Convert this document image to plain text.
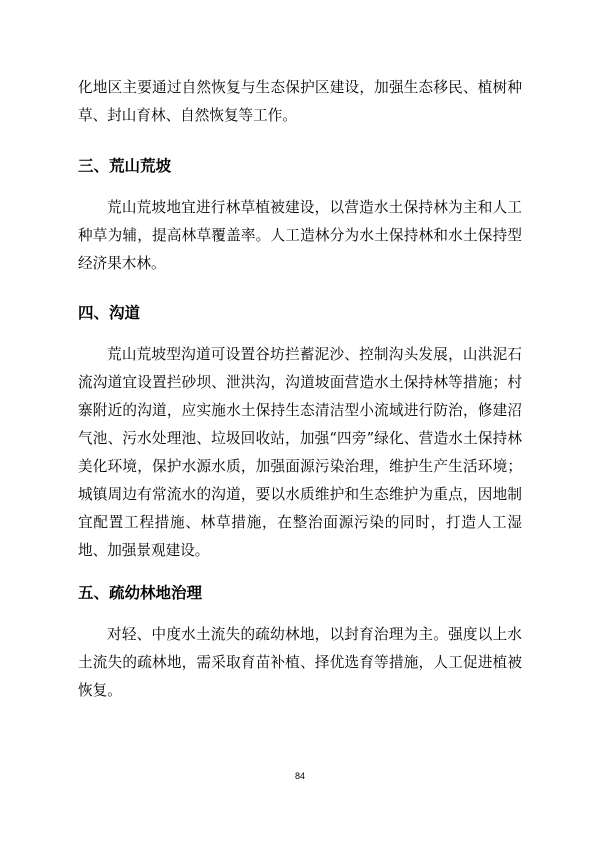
化地区主要通过自然恢复与生态保护区建设，加强生态移民、植树种草、封山育林、自然恢复等工作。

三、荒山荒坡

荒山荒坡地宜进行林草植被建设，以营造水土保持林为主和人工种草为辅，提高林草覆盖率。人工造林分为水土保持林和水土保持型经济果木林。

四、沟道

荒山荒坡型沟道可设置谷坊拦蓄泥沙、控制沟头发展，山洪泥石流沟道宜设置拦砂坝、泄洪沟，沟道坡面营造水土保持林等措施；村寨附近的沟道，应实施水土保持生态清洁型小流域进行防治，修建沼气池、污水处理池、垃圾回收站，加强“四旁”绿化、营造水土保持林美化环境，保护水源水质，加强面源污染治理，维护生产生活环境；城镇周边有常流水的沟道，要以水质维护和生态维护为重点，因地制宜配置工程措施、林草措施，在整治面源污染的同时，打造人工湿地、加强景观建设。

五、疏幼林地治理

对轻、中度水土流失的疏幼林地，以封育治理为主。强度以上水土流失的疏林地，需采取育苗补植、择优选育等措施，人工促进植被恢复。

84
